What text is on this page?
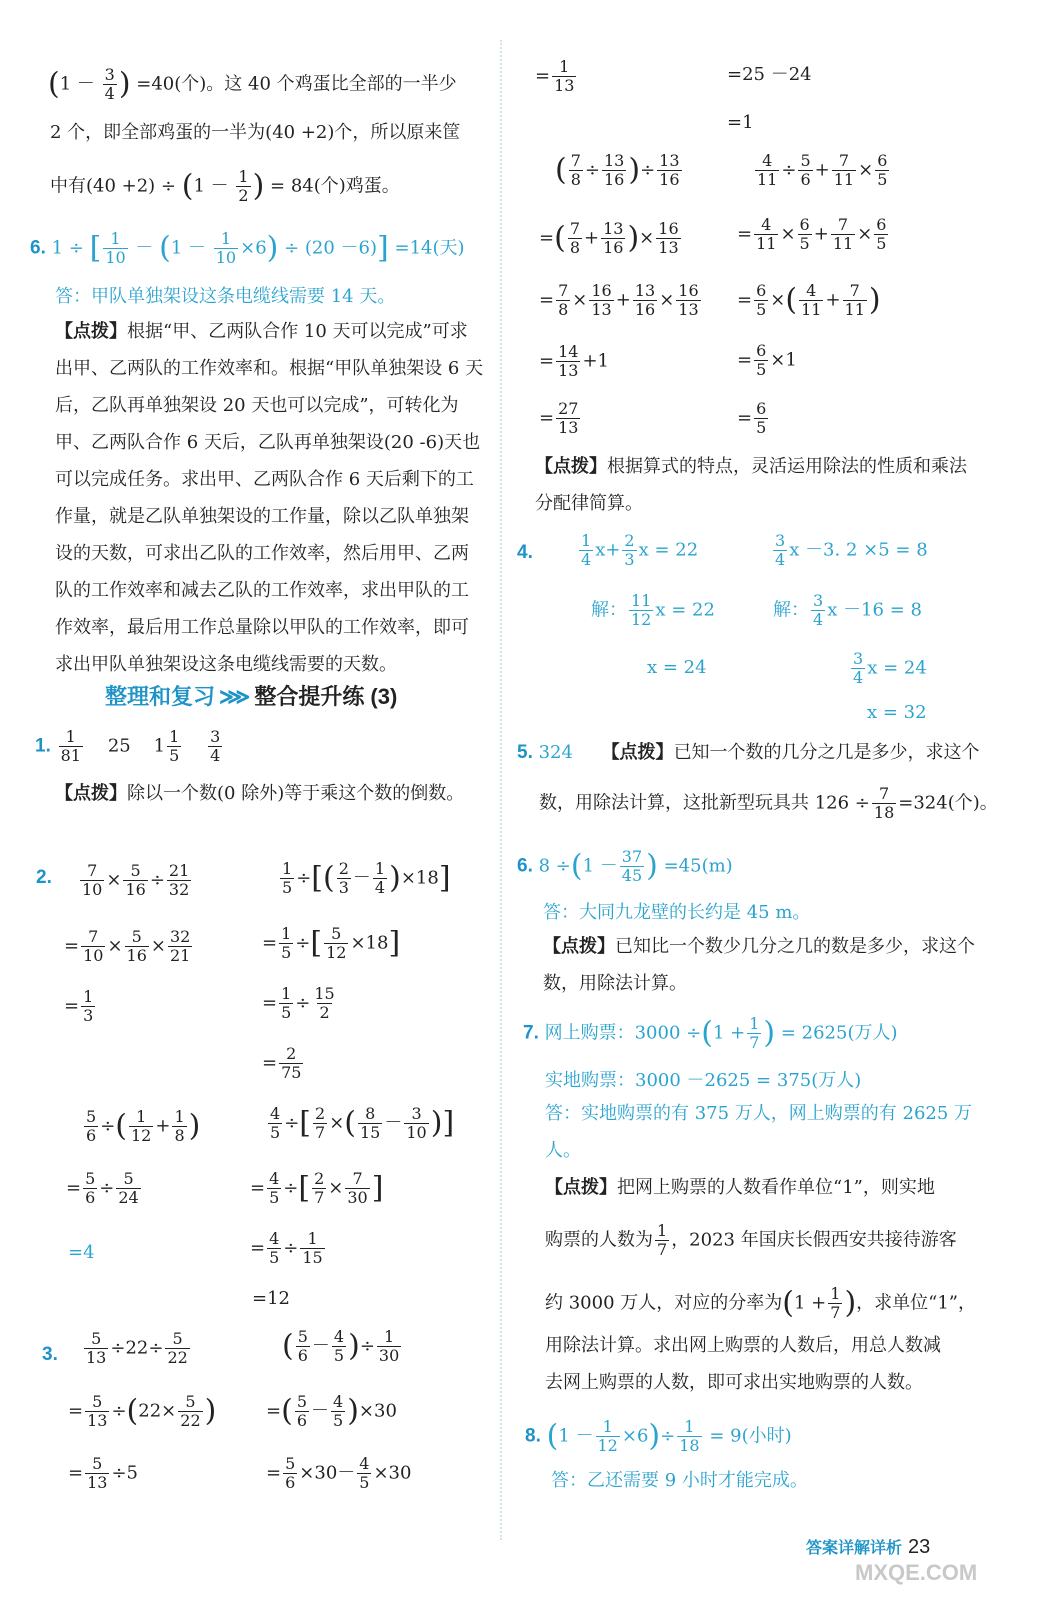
($1 - \frac{3}{4}$ ) =40(个)。这 40 个鸡蛋比全部的一半少
2 个，即全部鸡蛋的一半为(40 +2)个，所以原来筐
中有$(40 +2) \div (1 - \frac{1}{2}$ ) = 84(个)鸡蛋。
6. 1 ÷ [ $\frac{1}{10} - (1 - \frac{1}{10} \times 6) \div (20 -6)] =14$(天)
答：甲队单独架设这条电缆线需要 14 天。
【点拨】根据“甲、乙两队合作 10 天可以完成”可求出甲、乙两队的工作效率和。根据“甲队单独架设 6 天后，乙队再单独架设 20 天也可以完成”，可转化为甲、乙两队合作 6 天后，乙队再单独架设(20 -6)天也可以完成任务。求出甲、乙两队合作 6 天后剩下的工作量，就是乙队单独架设的工作量，除以乙队单独架设的天数，可求出乙队的工作效率，然后用甲、乙两队的工作效率和减去乙队的工作效率，求出甲队的工作效率，最后用工作总量除以甲队的工作效率，即可求出甲队单独架设这条电缆线需要的天数。
整理和复习 ⋙ 整合提升练 (3)
1. $\frac{1}{81} 25$ $1 \frac{1}{5}$
$\frac{3}{4}$
【点拨】除以一个数(0 除外)等于乘这个数的倒数。
2. $\frac{7}{10} \times \frac{5}{16} \div \frac{21}{32}$
= $\frac{7}{10} \times \frac{5}{16} \times \frac{32}{21}$
= $\frac{1}{3}$
$\frac{1}{5}$ ÷[( $\frac{2}{3} - \frac{1}{4} )\times 18$]
= $\frac{1}{5}$ ÷[ $\frac{5}{12} \times 18$]
= $\frac{1}{5} \div \frac{15}{2}$
= $\frac{2}{75}$
$\frac{5}{6}$ ÷( $\frac{1}{12} + \frac{1}{8}$ )
= $\frac{5}{6} \div \frac{5}{24}$
=4
$\frac{4}{5}$ ÷[ $\frac{2}{7}$ ×( $\frac{8}{15} - \frac{3}{10}$ )]
= $\frac{4}{5}$ ÷[ $\frac{2}{7} \times \frac{7}{30}$ ]
= $\frac{4}{5} \div \frac{1}{15}$
=12
3. $\frac{5}{13} \div 22\div \frac{5}{22}$
= $\frac{5}{13} \div(22\times \frac{5}{22}$ )
= $\frac{5}{13} \div 5$
( $\frac{5}{6} - \frac{4}{5}$ )÷ $\frac{1}{30}$
=( $\frac{5}{6} - \frac{4}{5} )\times 30$
= $\frac{5}{6} \times 30- \frac{4}{5} \times 30$
= $\frac{1}{13}$	=25 －24
=1
( $\frac{7}{8} \div \frac{13}{16}$ )÷ $\frac{13}{16}$
=( $\frac{7}{8} + \frac{13}{16}$ )× $\frac{16}{13}$
= $\frac{7}{8} \times \frac{16}{13} + \frac{13}{16} \times \frac{16}{13}$
= $\frac{14}{13} +1$
= $\frac{27}{13}$
$\frac{4}{11} \div \frac{5}{6} + \frac{7}{11} \times \frac{6}{5}$
= $\frac{4}{11} \times \frac{6}{5} + \frac{7}{11} \times \frac{6}{5}$
= $\frac{6}{5}$ ×( $\frac{4}{11} + \frac{7}{11}$ )
= $\frac{6}{5} \times 1$
= $\frac{6}{5}$
【点拨】根据算式的特点，灵活运用除法的性质和乘法分配律简算。
4.	$\frac{1}{4} x+ \frac{2}{3}$ x = 22
解： $\frac{11}{12}$ x = 22
x = 24
$\frac{3}{4}$ x －3. 2 ×5 = 8
解： $\frac{3}{4}$ x －16 = 8
$\frac{3}{4}$ x = 24
x = 32
5. 324 【点拨】已知一个数的几分之几是多少，求这个
数，用除法计算，这批新型玩具共 $126 \div \frac{7}{18} =324$(个)。
6. $8 \div(1 - \frac{37}{45}$ ) =45(m)
答：大同九龙壁的长约是 45 m。
【点拨】已知比一个数少几分之几的数是多少，求这个数，用除法计算。
7. 网上购票：$3000 \div(1 + \frac{1}{7}$ ) = 2625(万人)
实地购票：3000 －2625 = 375(万人)
答：实地购票的有 375 万人，网上购票的有 2625 万人。
【点拨】把网上购票的人数看作单位“1”，则实地
购票的人数为 $\frac{1}{7}$ ，2023 年国庆长假西安共接待游客
约 3000 万人，对应的分率为($1 + \frac{1}{7}$ )，求单位“1”，
用除法计算。求出网上购票的人数后，用总人数减
去网上购票的人数，即可求出实地购票的人数。
8. $(1 - \frac{1}{12} \times 6)\div \frac{1}{18} = 9$(小时)
答：乙还需要 9 小时才能完成。
答案详解详析 23
MXQE.COM
